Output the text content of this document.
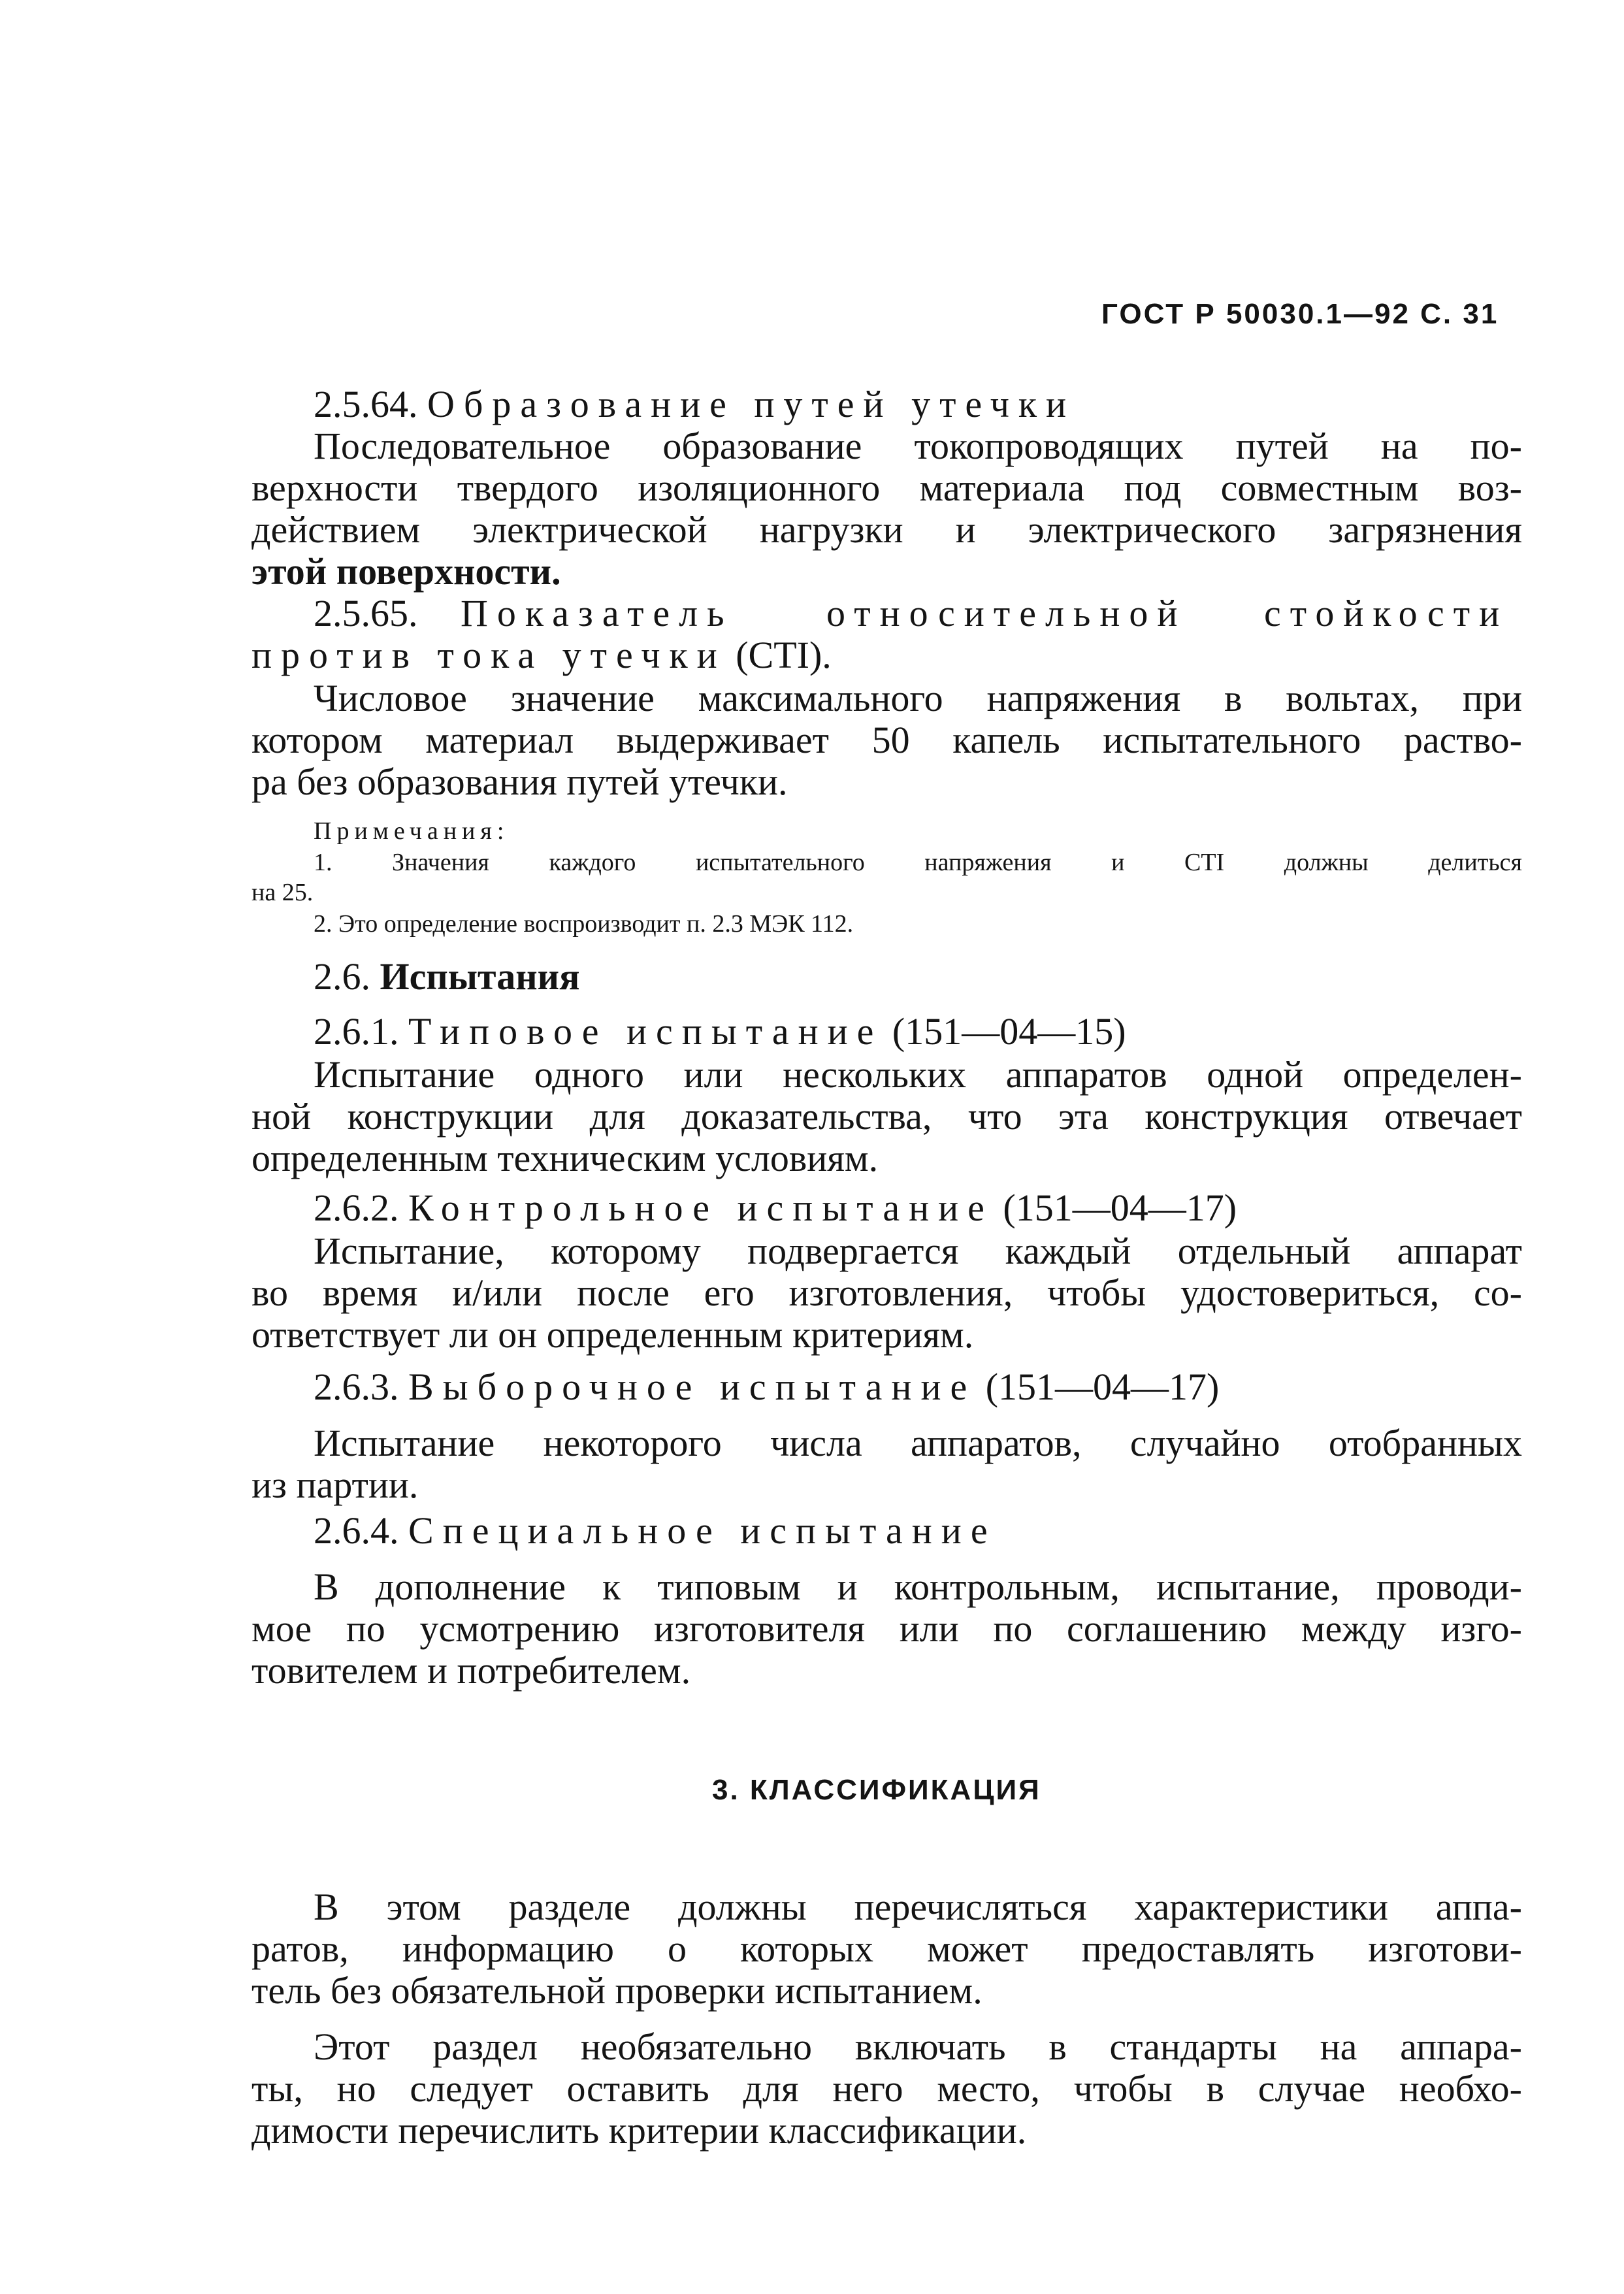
ГОСТ Р 50030.1—92 С. 31
2.5.64. Образование путей утечки
Последовательное образование токопроводящих путей на по-
верхности твердого изоляционного материала под совместным воз-
действием электрической нагрузки и электрического загрязнения
этой поверхности.
2.5.65. Показатель относительной стойкости
против тока утечки (CTI).
Числовое значение максимального напряжения в вольтах, при
котором материал выдерживает 50 капель испытательного раство-
ра без образования путей утечки.
Примечания:
1. Значения каждого испытательного напряжения и CTI должны делиться
на 25.
2. Это определение воспроизводит п. 2.3 МЭК 112.
2.6. Испытания
2.6.1. Типовое испытание (151—04—15)
Испытание одного или нескольких аппаратов одной определен-
ной конструкции для доказательства, что эта конструкция отвечает
определенным техническим условиям.
2.6.2. Контрольное испытание (151—04—17)
Испытание, которому подвергается каждый отдельный аппарат
во время и/или после его изготовления, чтобы удостовериться, со-
ответствует ли он определенным критериям.
2.6.3. Выборочное испытание (151—04—17)
Испытание некоторого числа аппаратов, случайно отобранных
из партии.
2.6.4. Специальное испытание
В дополнение к типовым и контрольным, испытание, проводи-
мое по усмотрению изготовителя или по соглашению между изго-
товителем и потребителем.
3. КЛАССИФИКАЦИЯ
В этом разделе должны перечисляться характеристики аппа-
ратов, информацию о которых может предоставлять изготови-
тель без обязательной проверки испытанием.
Этот раздел необязательно включать в стандарты на аппара-
ты, но следует оставить для него место, чтобы в случае необхо-
димости перечислить критерии классификации.
